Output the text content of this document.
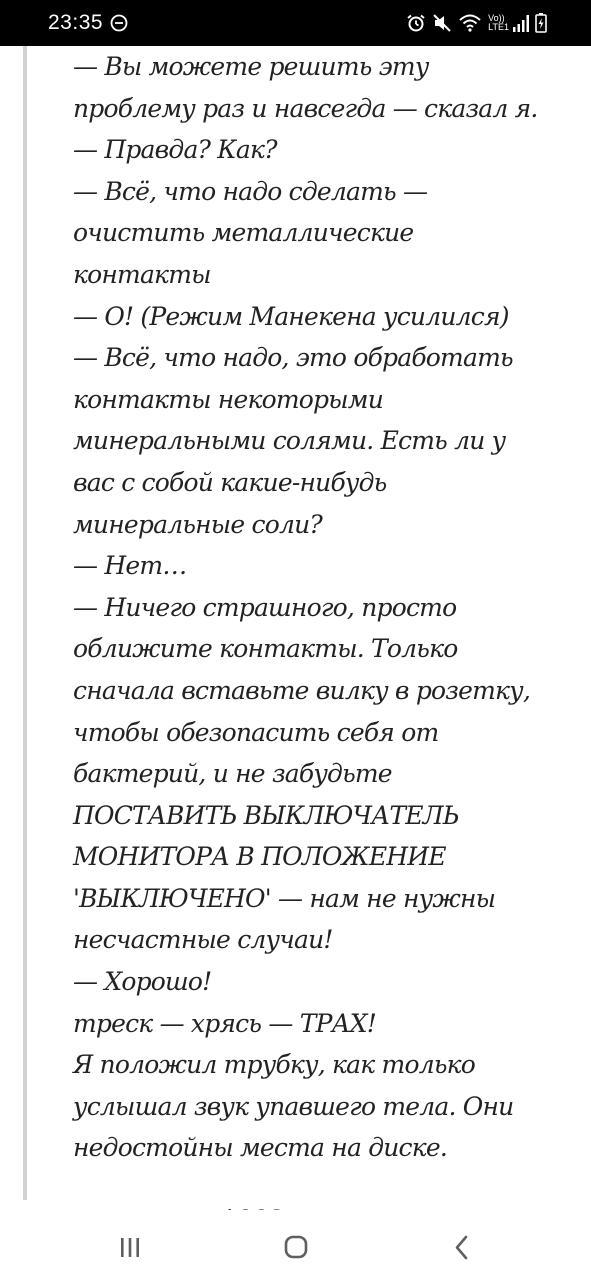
23:35	Vo))
LTE1
— Вы можете решить эту
проблему раз и навсегда — сказал я.
— Правда? Как?
— Всё, что надо сделать —
очистить металлические
контакты
— О! (Режим Манекена усилился)
— Всё, что надо, это обработать
контакты некоторыми
минеральными солями. Есть ли у
вас с собой какие-нибудь
минеральные соли?
— Нет…
— Ничего страшного, просто
оближите контакты. Только
сначала вставьте вилку в розетку,
чтобы обезопасить себя от
бактерий, и не забудьте
ПОСТАВИТЬ ВЫКЛЮЧАТЕЛЬ
МОНИТОРА В ПОЛОЖЕНИЕ
'ВЫКЛЮЧЕНО' — нам не нужны
несчастные случаи!
— Хорошо!
треск — хрясь — ТРАХ!
Я положил трубку, как только
услышал звук упавшего тела. Они
недостойны места на диске.
